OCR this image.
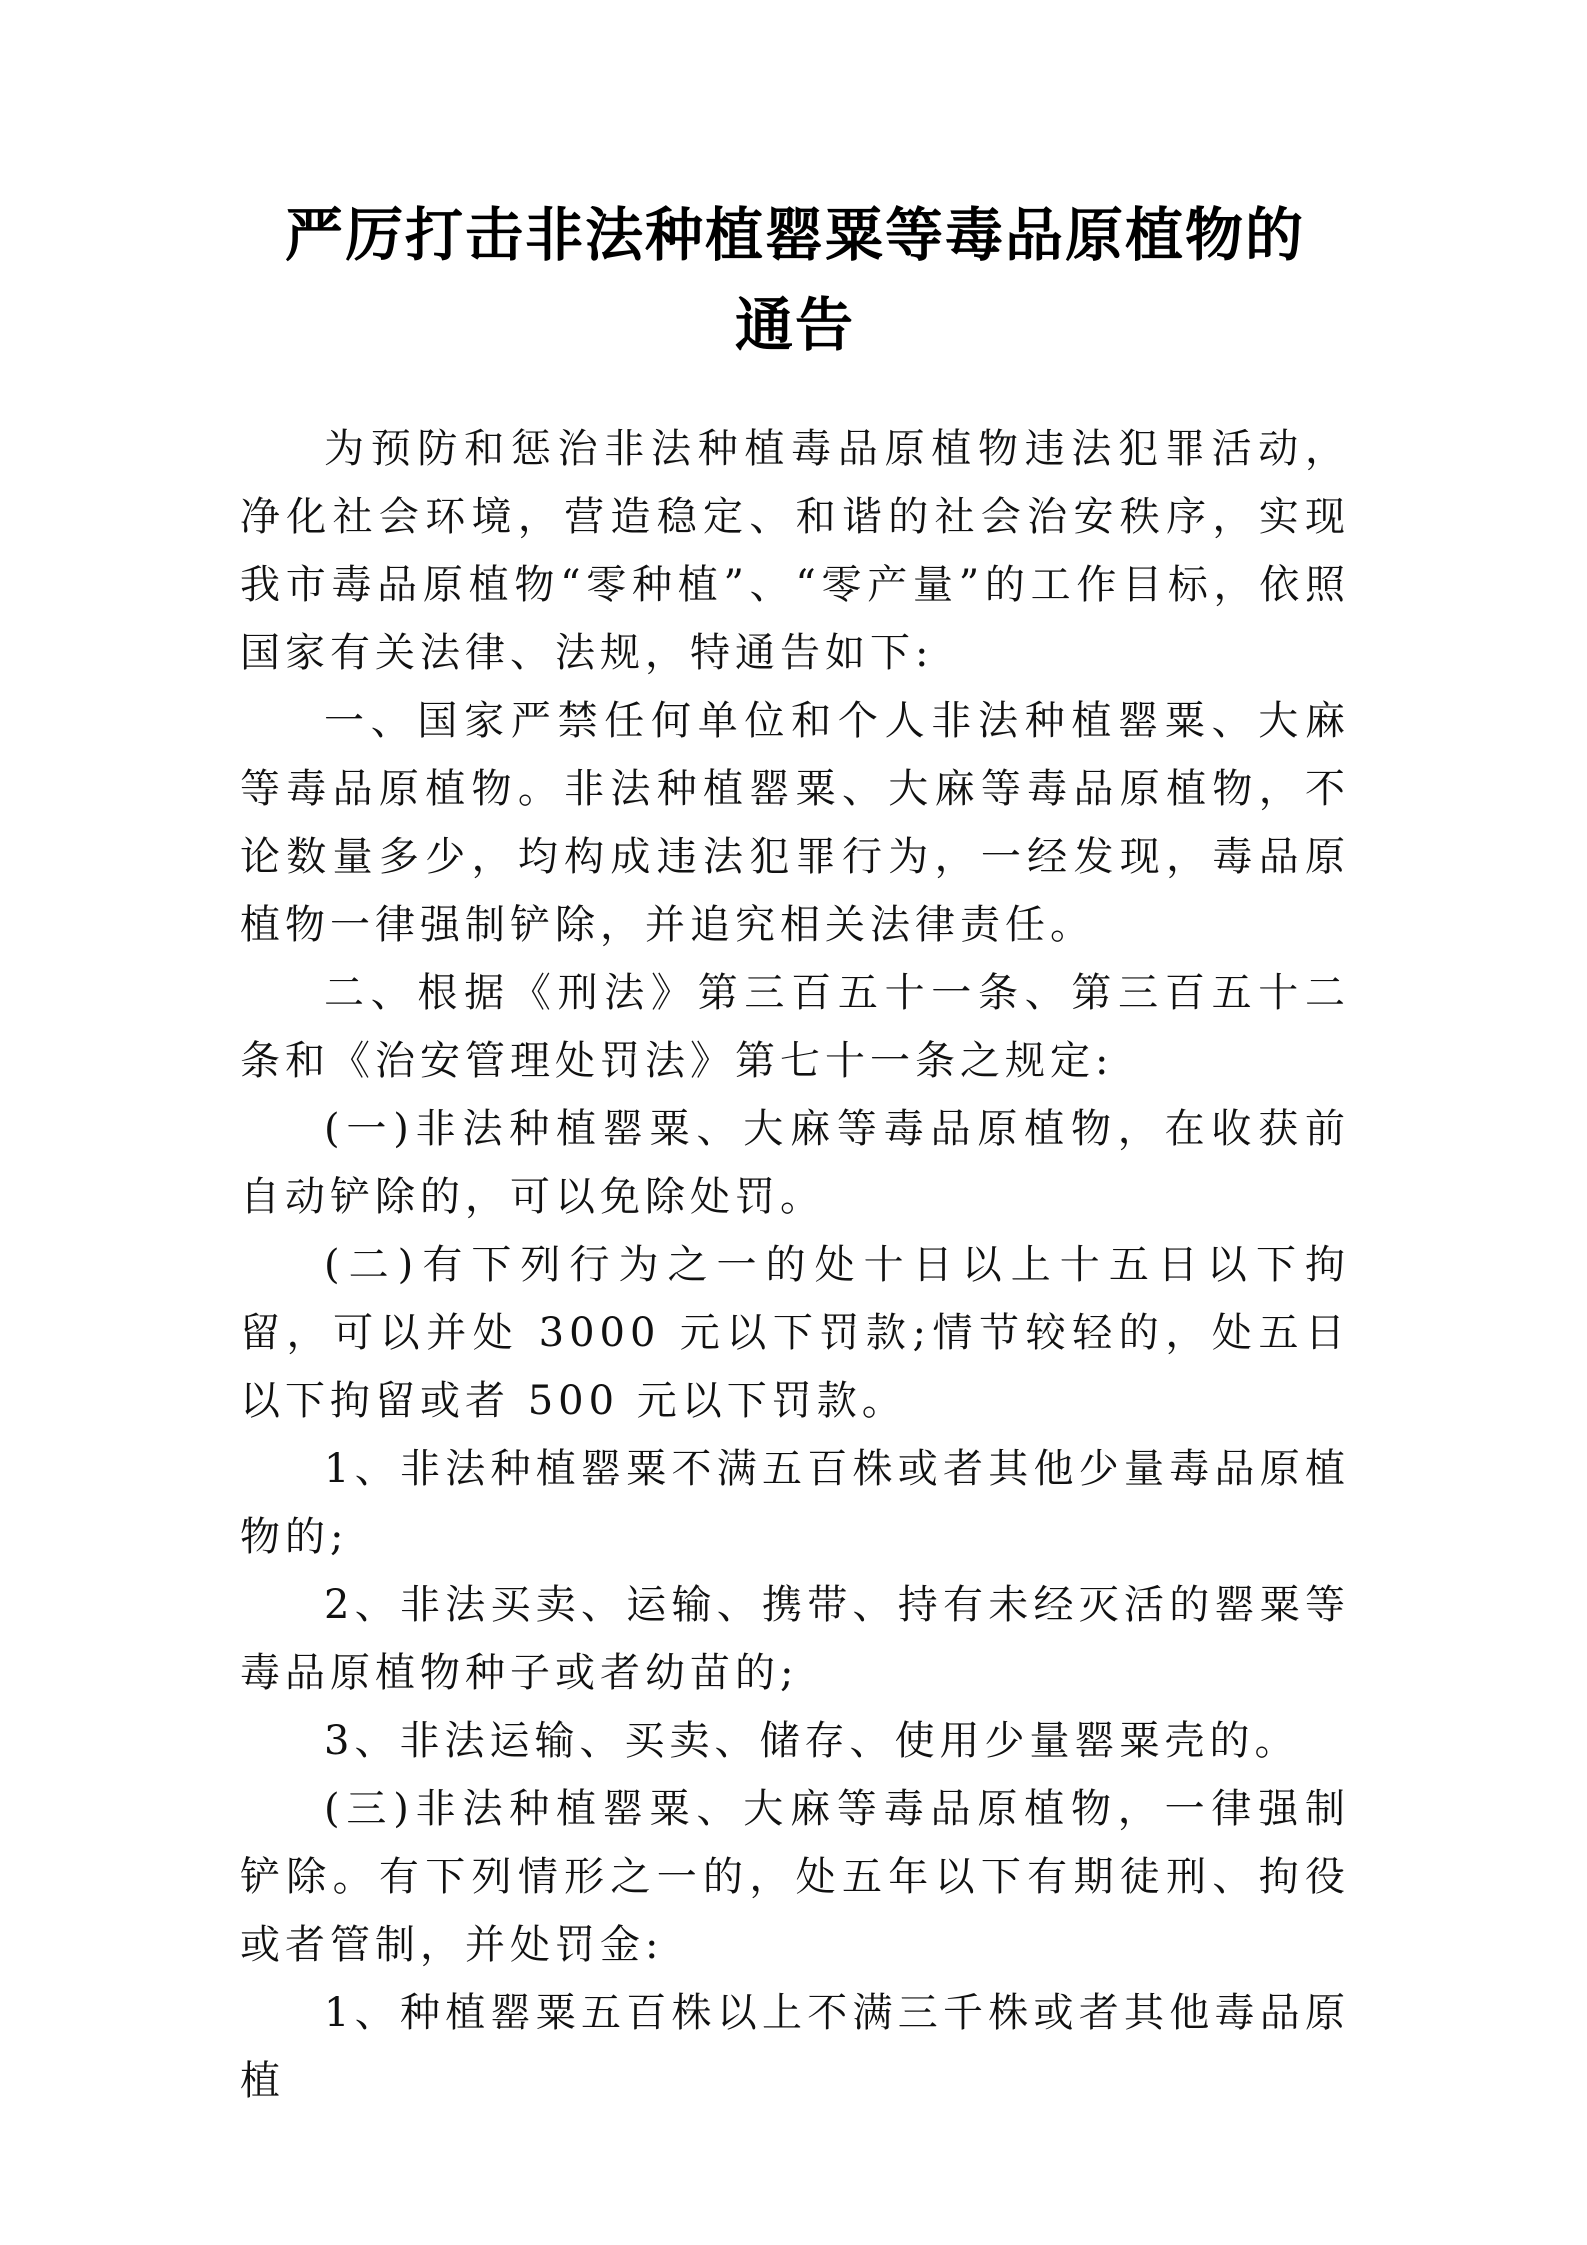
严厉打击非法种植罂粟等毒品原植物的
通告

为预防和惩治非法种植毒品原植物违法犯罪活动，净化社会环境，营造稳定、和谐的社会治安秩序，实现我市毒品原植物“零种植”、“零产量”的工作目标，依照国家有关法律、法规，特通告如下:

一、国家严禁任何单位和个人非法种植罂粟、大麻等毒品原植物。非法种植罂粟、大麻等毒品原植物，不论数量多少，均构成违法犯罪行为，一经发现，毒品原植物一律强制铲除，并追究相关法律责任。

二、根据《刑法》第三百五十一条、第三百五十二条和《治安管理处罚法》第七十一条之规定:

(一)非法种植罂粟、大麻等毒品原植物，在收获前自动铲除的，可以免除处罚。

(二)有下列行为之一的处十日以上十五日以下拘留，可以并处 3000 元以下罚款;情节较轻的，处五日以下拘留或者 500 元以下罚款。

1、非法种植罂粟不满五百株或者其他少量毒品原植物的;

2、非法买卖、运输、携带、持有未经灭活的罂粟等毒品原植物种子或者幼苗的;

3、非法运输、买卖、储存、使用少量罂粟壳的。

(三)非法种植罂粟、大麻等毒品原植物，一律强制铲除。有下列情形之一的，处五年以下有期徒刑、拘役或者管制，并处罚金:

1、种植罂粟五百株以上不满三千株或者其他毒品原植
